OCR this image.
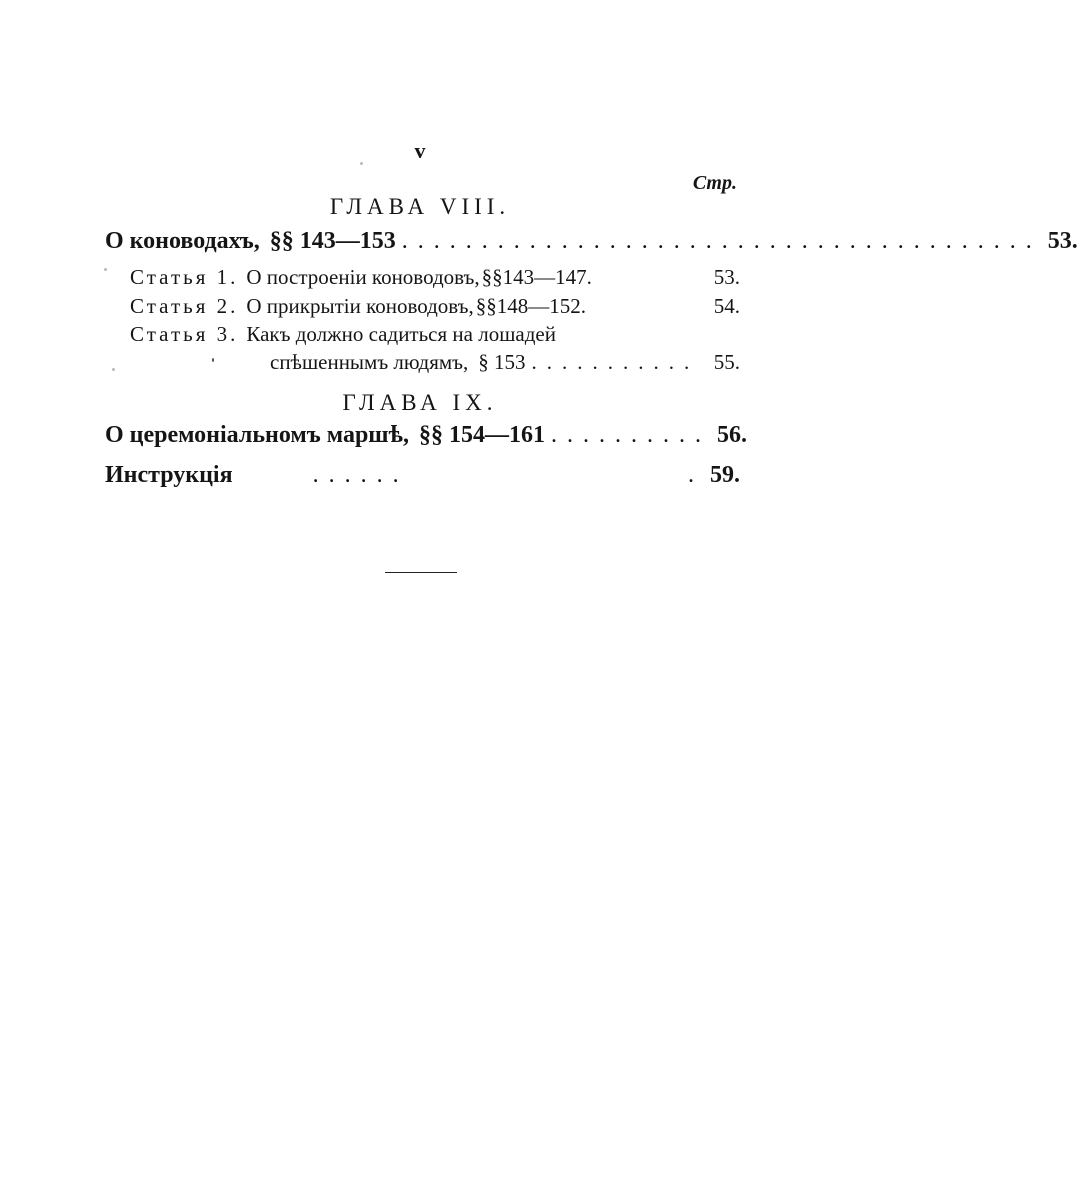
v
Стр.
ГЛАВА VIII.
О коноводахъ, §§ 143—153 ........................................ 53.
Статья 1. О построеніи коноводовъ, §§143—147.	53.
Статья 2. О прикрытіи коноводовъ, §§148—152.	54.
Статья 3. Какъ должно садиться на лошадей
спѣшеннымъ людямъ, § 153 ........... 55.
ГЛАВА IX.
О церемоніальномъ маршѣ, §§ 154—161 .......... 56.
Инструкція	......	. 59.
